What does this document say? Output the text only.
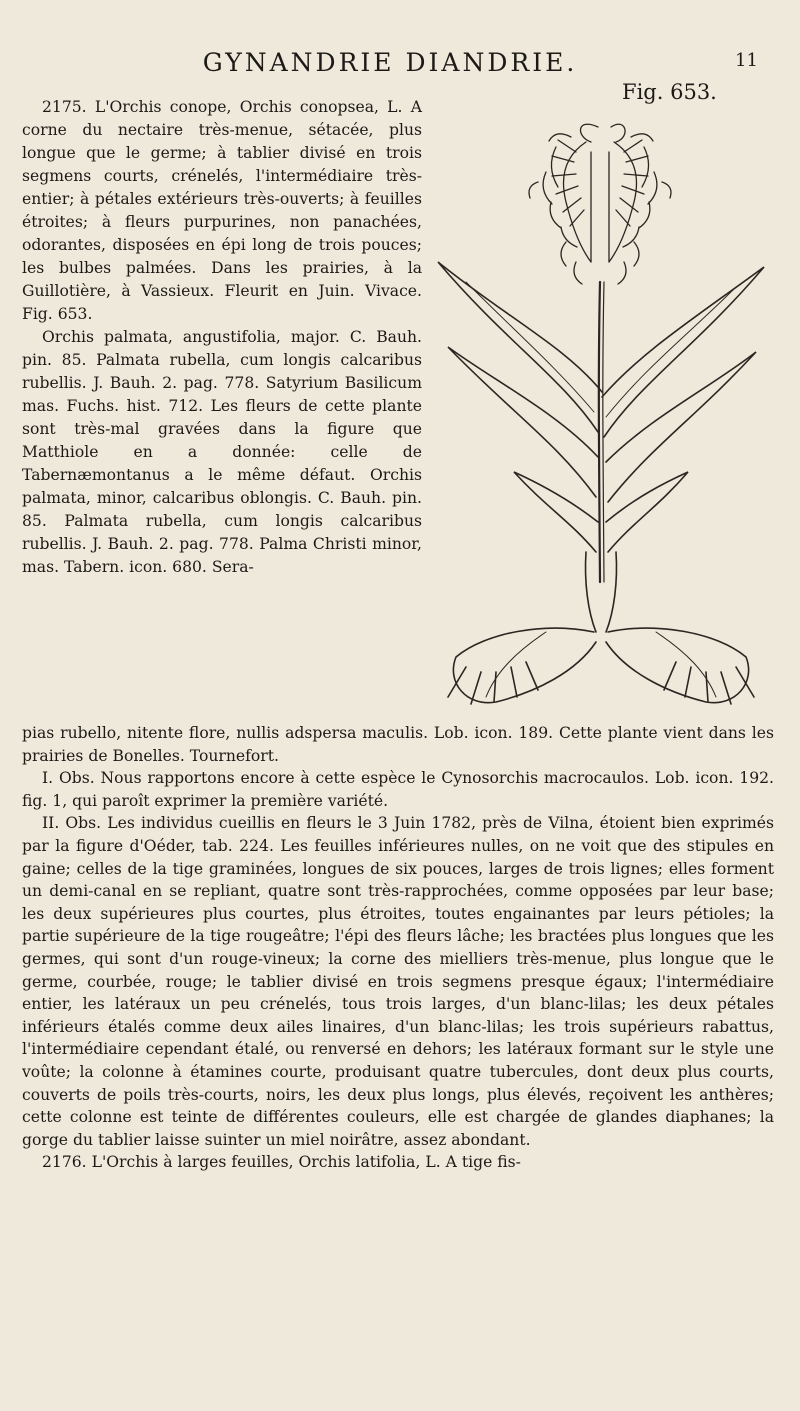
GYNANDRIE DIANDRIE.	11
Fig. 653.

2175. L'Orchis conope, Orchis conopsea, L. A corne du nectaire très-menue, sétacée, plus longue que le germe; à tablier divisé en trois segmens courts, crénelés, l'intermédiaire très-entier; à pétales extérieurs très-ouverts; à feuilles étroites; à fleurs purpurines, non panachées, odorantes, disposées en épi long de trois pouces; les bulbes palmées. Dans les prairies, à la Guillotière, à Vassieux. Fleurit en Juin. Vivace. Fig. 653.

Orchis palmata, angustifolia, major. C. Bauh. pin. 85. Palmata rubella, cum longis calcaribus rubellis. J. Bauh. 2. pag. 778. Satyrium Basilicum mas. Fuchs. hist. 712. Les fleurs de cette plante sont très-mal gravées dans la figure que Matthiole en a donnée: celle de Tabernæmontanus a le même défaut. Orchis palmata, minor, calcaribus oblongis. C. Bauh. pin. 85. Palmata rubella, cum longis calcaribus rubellis. J. Bauh. 2. pag. 778. Palma Christi minor, mas. Tabern. icon. 680. Sera-

pias rubello, nitente flore, nullis adspersa maculis. Lob. icon. 189. Cette plante vient dans les prairies de Bonelles. Tournefort.

I. Obs. Nous rapportons encore à cette espèce le Cynosorchis macrocaulos. Lob. icon. 192. fig. 1, qui paroît exprimer la première variété.

II. Obs. Les individus cueillis en fleurs le 3 Juin 1782, près de Vilna, étoient bien exprimés par la figure d'Oéder, tab. 224. Les feuilles inférieures nulles, on ne voit que des stipules en gaine; celles de la tige graminées, longues de six pouces, larges de trois lignes; elles forment un demi-canal en se repliant, quatre sont très-rapprochées, comme opposées par leur base; les deux supérieures plus courtes, plus étroites, toutes engainantes par leurs pétioles; la partie supérieure de la tige rougeâtre; l'épi des fleurs lâche; les bractées plus longues que les germes, qui sont d'un rouge-vineux; la corne des mielliers très-menue, plus longue que le germe, courbée, rouge; le tablier divisé en trois segmens presque égaux; l'intermédiaire entier, les latéraux un peu crénelés, tous trois larges, d'un blanc-lilas; les deux pétales inférieurs étalés comme deux ailes linaires, d'un blanc-lilas; les trois supérieurs rabattus, l'intermédiaire cependant étalé, ou renversé en dehors; les latéraux formant sur le style une voûte; la colonne à étamines courte, produisant quatre tubercules, dont deux plus courts, couverts de poils très-courts, noirs, les deux plus longs, plus élevés, reçoivent les anthères; cette colonne est teinte de différentes couleurs, elle est chargée de glandes diaphanes; la gorge du tablier laisse suinter un miel noirâtre, assez abondant.

2176. L'Orchis à larges feuilles, Orchis latifolia, L. A tige fis-
